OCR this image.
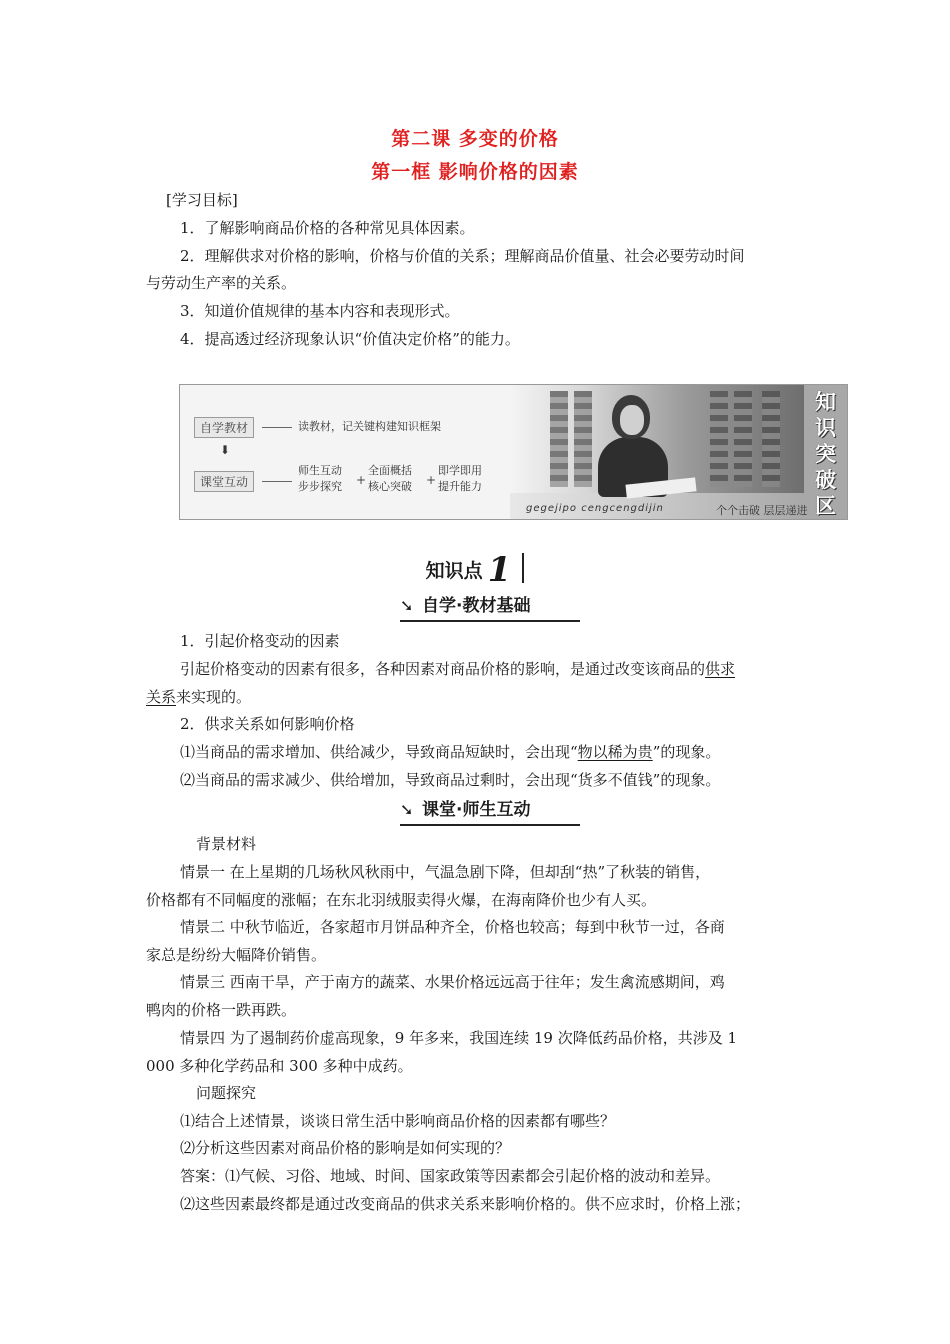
第二课 多变的价格
第一框 影响价格的因素
[学习目标]
1．了解影响商品价格的各种常见具体因素。
2．理解供求对价格的影响，价格与价值的关系；理解商品价值量、社会必要劳动时间
与劳动生产率的关系。
3．知道价值规律的基本内容和表现形式。
4．提高透过经济现象认识“价值决定价格”的能力。
知
识
突
破
区
自学教材	读教材，记关键构建知识框架
⬇
课堂互动
师生互动
步步探究 +
全面概括
核心突破 +
即学即用
提升能力
gegejipo cengcengdijin	个个击破 层层递进
知识点 1
➘ 自学·教材基础
1．引起价格变动的因素
引起价格变动的因素有很多，各种因素对商品价格的影响，是通过改变该商品的供求
关系来实现的。
2．供求关系如何影响价格
⑴当商品的需求增加、供给减少，导致商品短缺时，会出现“物以稀为贵”的现象。
⑵当商品的需求减少、供给增加，导致商品过剩时，会出现“货多不值钱”的现象。
➘ 课堂·师生互动
背景材料
情景一 在上星期的几场秋风秋雨中，气温急剧下降，但却刮“热”了秋装的销售，
价格都有不同幅度的涨幅；在东北羽绒服卖得火爆，在海南降价也少有人买。
情景二 中秋节临近，各家超市月饼品种齐全，价格也较高；每到中秋节一过，各商
家总是纷纷大幅降价销售。
情景三 西南干旱，产于南方的蔬菜、水果价格远远高于往年；发生禽流感期间，鸡
鸭肉的价格一跌再跌。
情景四 为了遏制药价虚高现象，9 年多来，我国连续 19 次降低药品价格，共涉及 1
000 多种化学药品和 300 多种中成药。
问题探究
⑴结合上述情景，谈谈日常生活中影响商品价格的因素都有哪些？
⑵分析这些因素对商品价格的影响是如何实现的？
答案：⑴气候、习俗、地域、时间、国家政策等因素都会引起价格的波动和差异。
⑵这些因素最终都是通过改变商品的供求关系来影响价格的。供不应求时，价格上涨；
